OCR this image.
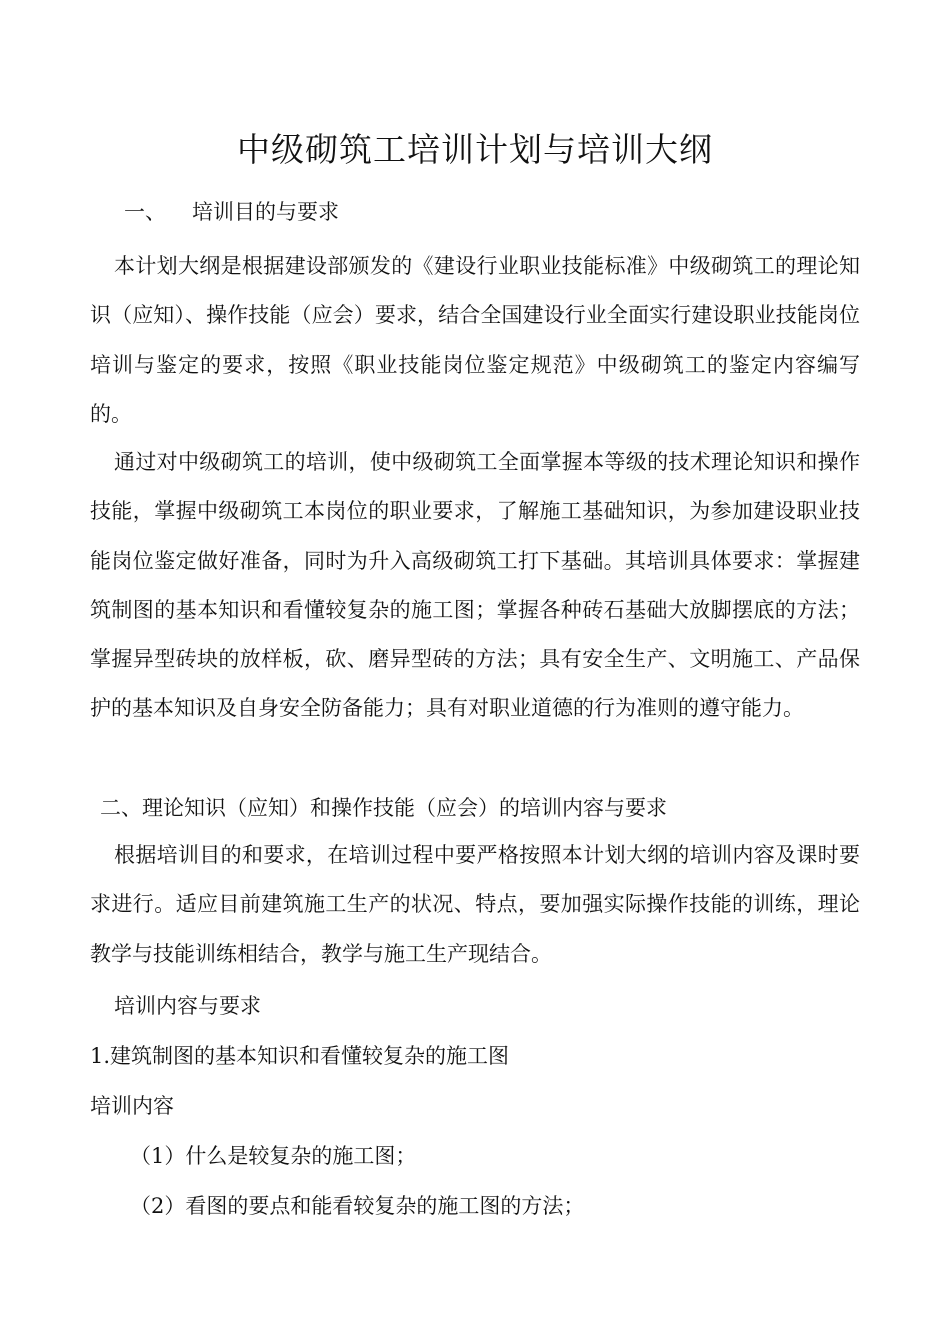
中级砌筑工培训计划与培训大纲
一、 培训目的与要求

本计划大纲是根据建设部颁发的《建设行业职业技能标准》中级砌筑工的理论知识（应知）、操作技能（应会）要求，结合全国建设行业全面实行建设职业技能岗位培训与鉴定的要求，按照《职业技能岗位鉴定规范》中级砌筑工的鉴定内容编写的。

通过对中级砌筑工的培训，使中级砌筑工全面掌握本等级的技术理论知识和操作技能，掌握中级砌筑工本岗位的职业要求，了解施工基础知识，为参加建设职业技能岗位鉴定做好准备，同时为升入高级砌筑工打下基础。其培训具体要求：掌握建筑制图的基本知识和看懂较复杂的施工图；掌握各种砖石基础大放脚摆底的方法；掌握异型砖块的放样板，砍、磨异型砖的方法；具有安全生产、文明施工、产品保护的基本知识及自身安全防备能力；具有对职业道德的行为准则的遵守能力。

二、理论知识（应知）和操作技能（应会）的培训内容与要求

根据培训目的和要求，在培训过程中要严格按照本计划大纲的培训内容及课时要求进行。适应目前建筑施工生产的状况、特点，要加强实际操作技能的训练，理论教学与技能训练相结合，教学与施工生产现结合。

培训内容与要求
1.建筑制图的基本知识和看懂较复杂的施工图
培训内容
（1）什么是较复杂的施工图；
（2）看图的要点和能看较复杂的施工图的方法；
